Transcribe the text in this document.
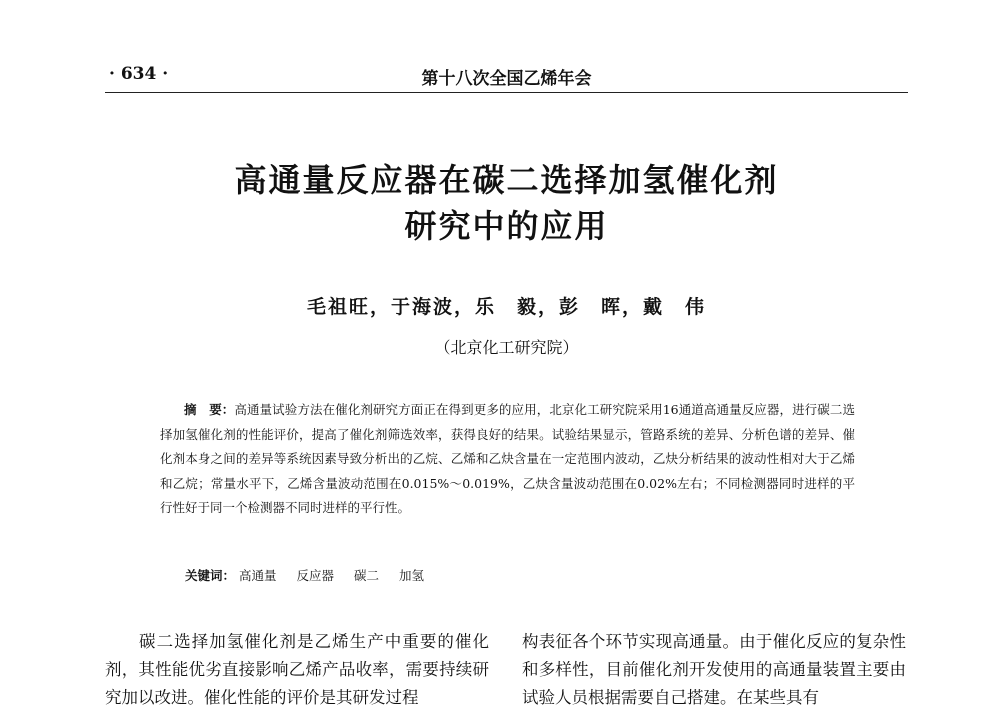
· 634 ·	第十八次全国乙烯年会
高通量反应器在碳二选择加氢催化剂
研究中的应用
毛祖旺，于海波，乐　毅，彭　晖，戴　伟
（北京化工研究院）
摘　要：高通量试验方法在催化剂研究方面正在得到更多的应用，北京化工研究院采用16通道高通量反应器，进行碳二选择加氢催化剂的性能评价，提高了催化剂筛选效率，获得良好的结果。试验结果显示，管路系统的差异、分析色谱的差异、催化剂本身之间的差异等系统因素导致分析出的乙烷、乙烯和乙炔含量在一定范围内波动，乙炔分析结果的波动性相对大于乙烯和乙烷；常量水平下，乙烯含量波动范围在0.015%～0.019%，乙炔含量波动范围在0.02%左右；不同检测器同时进样的平行性好于同一个检测器不同时进样的平行性。
关键词： 高通量 反应器 碳二 加氢
碳二选择加氢催化剂是乙烯生产中重要的催化剂，其性能优劣直接影响乙烯产品收率，需要持续研究加以改进。催化性能的评价是其研发过程
构表征各个环节实现高通量。由于催化反应的复杂性和多样性，目前催化剂开发使用的高通量装置主要由试验人员根据需要自己搭建。在某些具有
